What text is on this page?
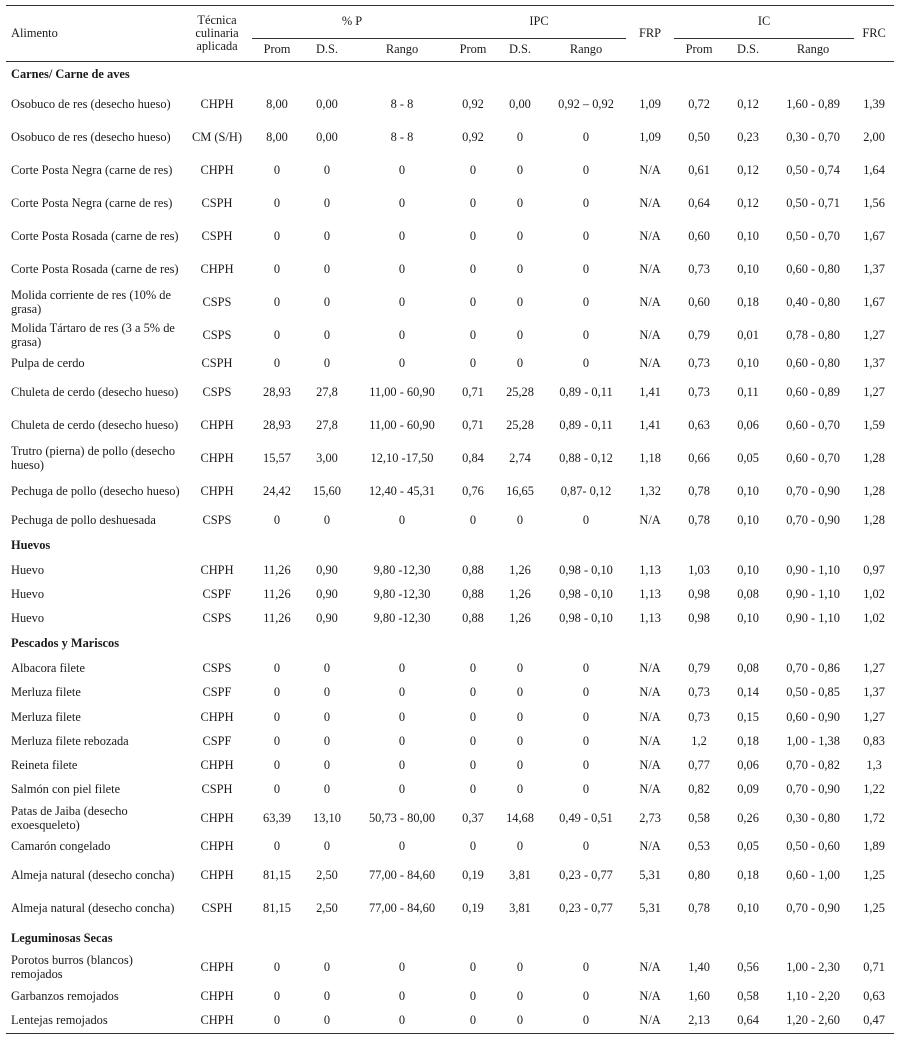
Alimento	Técnica culinaria aplicada	% P			IPC			FRP	IC			FRC
		Prom	D.S.	Rango	Prom	D.S.	Rango		Prom	D.S.	Rango	
Carnes/ Carne de aves												
Osobuco de res (desecho hueso)	CHPH	8,00	0,00	8 - 8	0,92	0,00	0,92 – 0,92	1,09	0,72	0,12	1,60 - 0,89	1,39
Osobuco de res (desecho hueso)	CM (S/H)	8,00	0,00	8 - 8	0,92	0	0	1,09	0,50	0,23	0,30 - 0,70	2,00
Corte Posta Negra (carne de res)	CHPH	0	0	0	0	0	0	N/A	0,61	0,12	0,50 - 0,74	1,64
Corte Posta Negra (carne de res)	CSPH	0	0	0	0	0	0	N/A	0,64	0,12	0,50 - 0,71	1,56
Corte Posta Rosada (carne de res)	CSPH	0	0	0	0	0	0	N/A	0,60	0,10	0,50 - 0,70	1,67
Corte Posta Rosada (carne de res)	CHPH	0	0	0	0	0	0	N/A	0,73	0,10	0,60 - 0,80	1,37
Molida corriente de res (10% de grasa)	CSPS	0	0	0	0	0	0	N/A	0,60	0,18	0,40 - 0,80	1,67
Molida Tártaro de res (3 a 5% de grasa)	CSPS	0	0	0	0	0	0	N/A	0,79	0,01	0,78 - 0,80	1,27
Pulpa de cerdo	CSPH	0	0	0	0	0	0	N/A	0,73	0,10	0,60 - 0,80	1,37
Chuleta de cerdo (desecho hueso)	CSPS	28,93	27,8	11,00 - 60,90	0,71	25,28	0,89 - 0,11	1,41	0,73	0,11	0,60 - 0,89	1,27
Chuleta de cerdo (desecho hueso)	CHPH	28,93	27,8	11,00 - 60,90	0,71	25,28	0,89 - 0,11	1,41	0,63	0,06	0,60 - 0,70	1,59
Trutro (pierna) de pollo (desecho hueso)	CHPH	15,57	3,00	12,10 -17,50	0,84	2,74	0,88 - 0,12	1,18	0,66	0,05	0,60 - 0,70	1,28
Pechuga de pollo (desecho hueso)	CHPH	24,42	15,60	12,40 - 45,31	0,76	16,65	0,87- 0,12	1,32	0,78	0,10	0,70 - 0,90	1,28
Pechuga de pollo deshuesada	CSPS	0	0	0	0	0	0	N/A	0,78	0,10	0,70 - 0,90	1,28
Huevos												
Huevo	CHPH	11,26	0,90	9,80 -12,30	0,88	1,26	0,98 - 0,10	1,13	1,03	0,10	0,90 - 1,10	0,97
Huevo	CSPF	11,26	0,90	9,80 -12,30	0,88	1,26	0,98 - 0,10	1,13	0,98	0,08	0,90 - 1,10	1,02
Huevo	CSPS	11,26	0,90	9,80 -12,30	0,88	1,26	0,98 - 0,10	1,13	0,98	0,10	0,90 - 1,10	1,02
Pescados y Mariscos												
Albacora filete	CSPS	0	0	0	0	0	0	N/A	0,79	0,08	0,70 - 0,86	1,27
Merluza filete	CSPF	0	0	0	0	0	0	N/A	0,73	0,14	0,50 - 0,85	1,37
Merluza filete	CHPH	0	0	0	0	0	0	N/A	0,73	0,15	0,60 - 0,90	1,27
Merluza filete rebozada	CSPF	0	0	0	0	0	0	N/A	1,2	0,18	1,00 - 1,38	0,83
Reineta filete	CHPH	0	0	0	0	0	0	N/A	0,77	0,06	0,70 - 0,82	1,3
Salmón con piel filete	CSPH	0	0	0	0	0	0	N/A	0,82	0,09	0,70 - 0,90	1,22
Patas de Jaiba (desecho exoesqueleto)	CHPH	63,39	13,10	50,73 - 80,00	0,37	14,68	0,49 - 0,51	2,73	0,58	0,26	0,30 - 0,80	1,72
Camarón congelado	CHPH	0	0	0	0	0	0	N/A	0,53	0,05	0,50 - 0,60	1,89
Almeja natural (desecho concha)	CHPH	81,15	2,50	77,00 - 84,60	0,19	3,81	0,23 - 0,77	5,31	0,80	0,18	0,60 - 1,00	1,25
Almeja natural (desecho concha)	CSPH	81,15	2,50	77,00 - 84,60	0,19	3,81	0,23 - 0,77	5,31	0,78	0,10	0,70 - 0,90	1,25
Leguminosas Secas												
Porotos burros (blancos) remojados	CHPH	0	0	0	0	0	0	N/A	1,40	0,56	1,00 - 2,30	0,71
Garbanzos remojados	CHPH	0	0	0	0	0	0	N/A	1,60	0,58	1,10 - 2,20	0,63
Lentejas remojados	CHPH	0	0	0	0	0	0	N/A	2,13	0,64	1,20 - 2,60	0,47
